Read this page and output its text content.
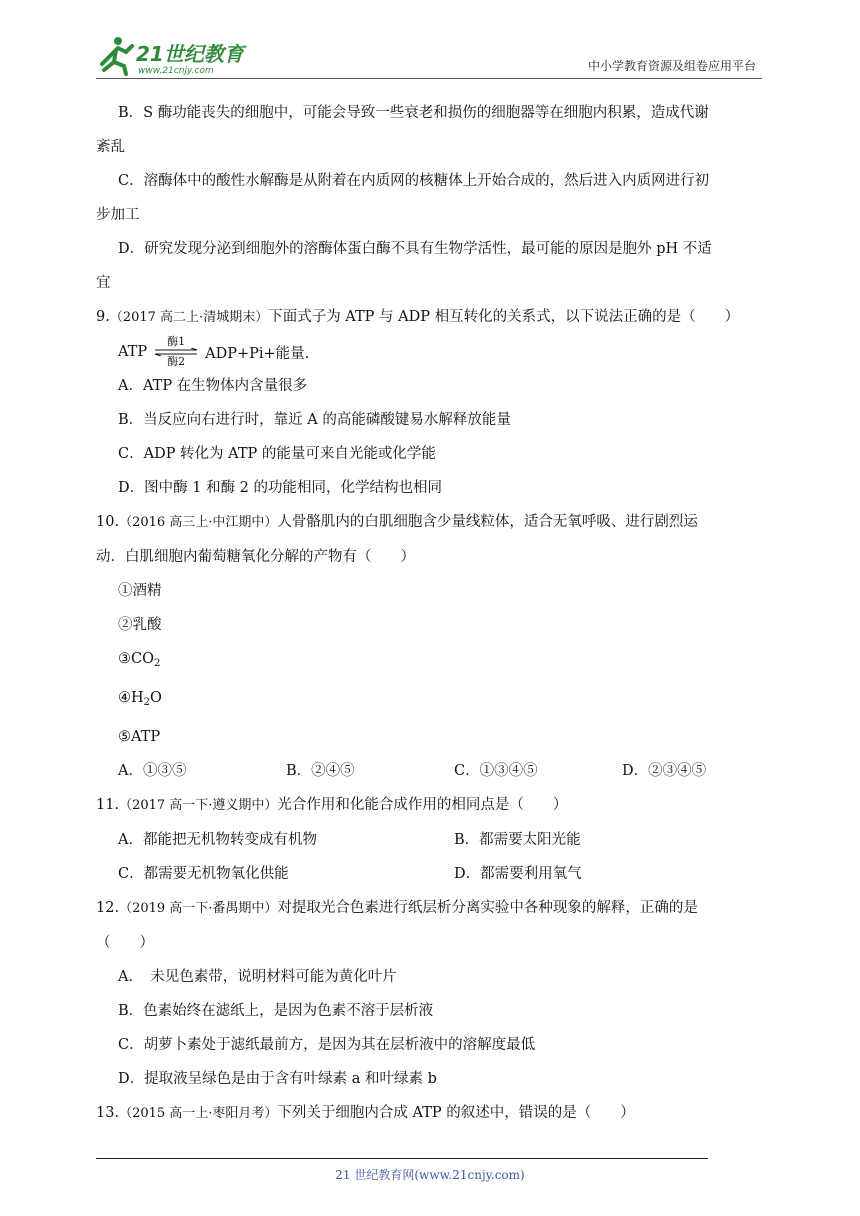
21世纪教育
www.21cnjy.com	中小学教育资源及组卷应用平台

B．S 酶功能丧失的细胞中，可能会导致一些衰老和损伤的细胞器等在细胞内积累，造成代谢

紊乱

C．溶酶体中的酸性水解酶是从附着在内质网的核糖体上开始合成的，然后进入内质网进行初

步加工

D．研究发现分泌到细胞外的溶酶体蛋白酶不具有生物学活性，最可能的原因是胞外 pH 不适

宜

9.（2017 高二上·清城期末）下面式子为 ATP 与 ADP 相互转化的关系式，以下说法正确的是（　　）

ATP
酶1
酶2 ADP+Pi+能量.

A．ATP 在生物体内含量很多

B．当反应向右进行时，靠近 A 的高能磷酸键易水解释放能量

C．ADP 转化为 ATP 的能量可来自光能或化学能

D．图中酶 1 和酶 2 的功能相同，化学结构也相同

10.（2016 高三上·中江期中）人骨骼肌内的白肌细胞含少量线粒体，适合无氧呼吸、进行剧烈运

动．白肌细胞内葡萄糖氧化分解的产物有（　　）

①酒精

②乳酸

$③CO_2$

$④H_2O$

⑤ATP

A．①③⑤	B．②④⑤	C．①③④⑤	D．②③④⑤

11.（2017 高一下·遵义期中）光合作用和化能合成作用的相同点是（　　）

A．都能把无机物转变成有机物	B．都需要太阳光能
C．都需要无机物氧化供能	D．都需要利用氧气

12.（2019 高一下·番禺期中）对提取光合色素进行纸层析分离实验中各种现象的解释，正确的是

（　　）

A．　未见色素带，说明材料可能为黄化叶片

B．色素始终在滤纸上，是因为色素不溶于层析液

C．胡萝卜素处于滤纸最前方，是因为其在层析液中的溶解度最低

D．提取液呈绿色是由于含有叶绿素 a 和叶绿素 b

13.（2015 高一上·枣阳月考）下列关于细胞内合成 ATP 的叙述中，错误的是（　　）

21 世纪教育网(www.21cnjy.com)
